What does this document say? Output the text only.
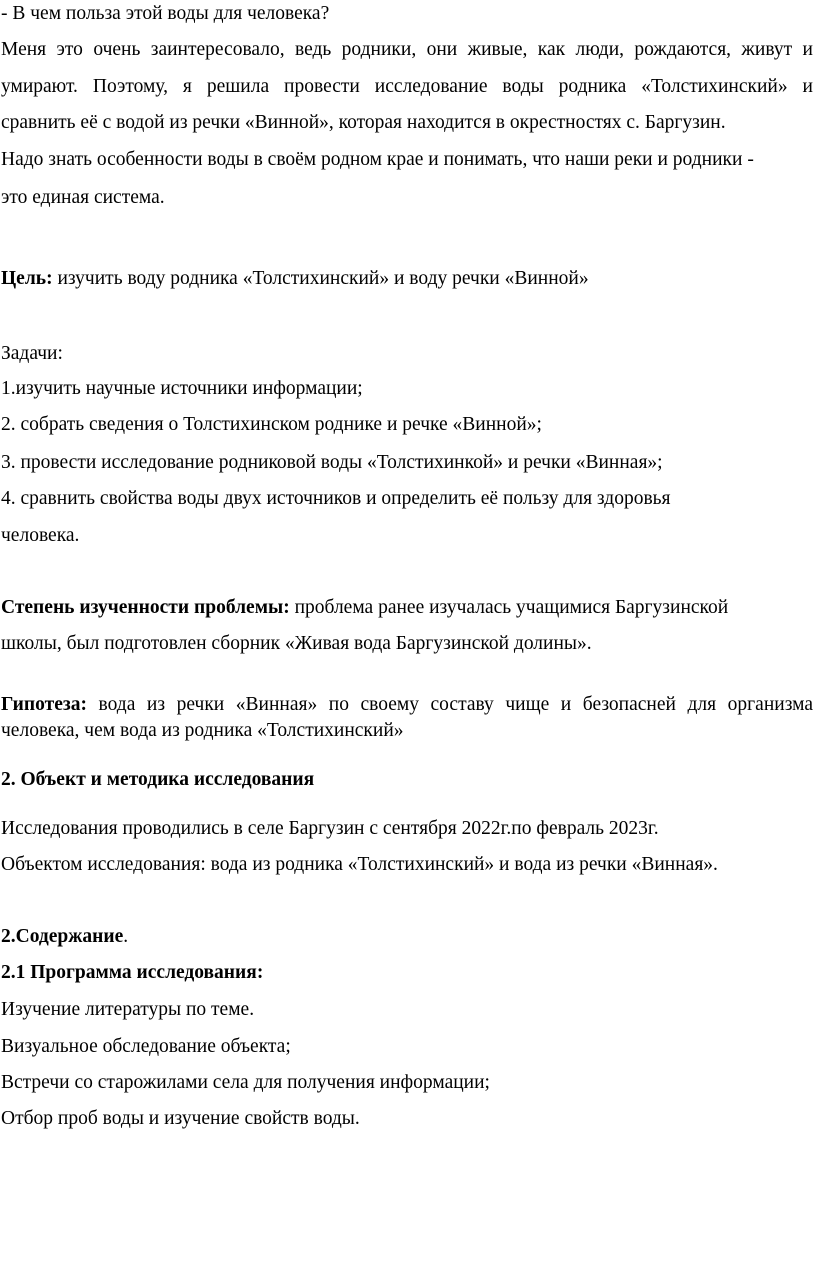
- В чем польза этой воды для человека?
Меня это очень заинтересовало, ведь родники, они живые, как люди, рождаются, живут и
умирают. Поэтому, я решила провести исследование воды родника «Толстихинский» и
сравнить её с водой из речки «Винной», которая находится в окрестностях с. Баргузин.
Надо знать особенности воды в своём родном крае и понимать, что наши реки и родники -
это единая система.
Цель: изучить воду родника «Толстихинский» и воду речки «Винной»
Задачи:
1.изучить научные источники информации;
2. собрать сведения о Толстихинском роднике и речке «Винной»;
3. провести исследование родниковой воды «Толстихинкой» и речки «Винная»;
4. сравнить свойства воды двух источников и определить её пользу для здоровья
человека.
Степень изученности проблемы: проблема ранее изучалась учащимися Баргузинской
школы, был подготовлен сборник «Живая вода Баргузинской долины».
Гипотеза: вода из речки «Винная» по своему составу чище и безопасней для организма
человека, чем вода из родника «Толстихинский»
2. Объект и методика исследования
Исследования проводились в селе Баргузин с сентября 2022г.по февраль 2023г.
Объектом исследования: вода из родника «Толстихинский» и вода из речки «Винная».
2.Содержание.
2.1 Программа исследования:
Изучение литературы по теме.
Визуальное обследование объекта;
Встречи со старожилами села для получения информации;
Отбор проб воды и изучение свойств воды.
